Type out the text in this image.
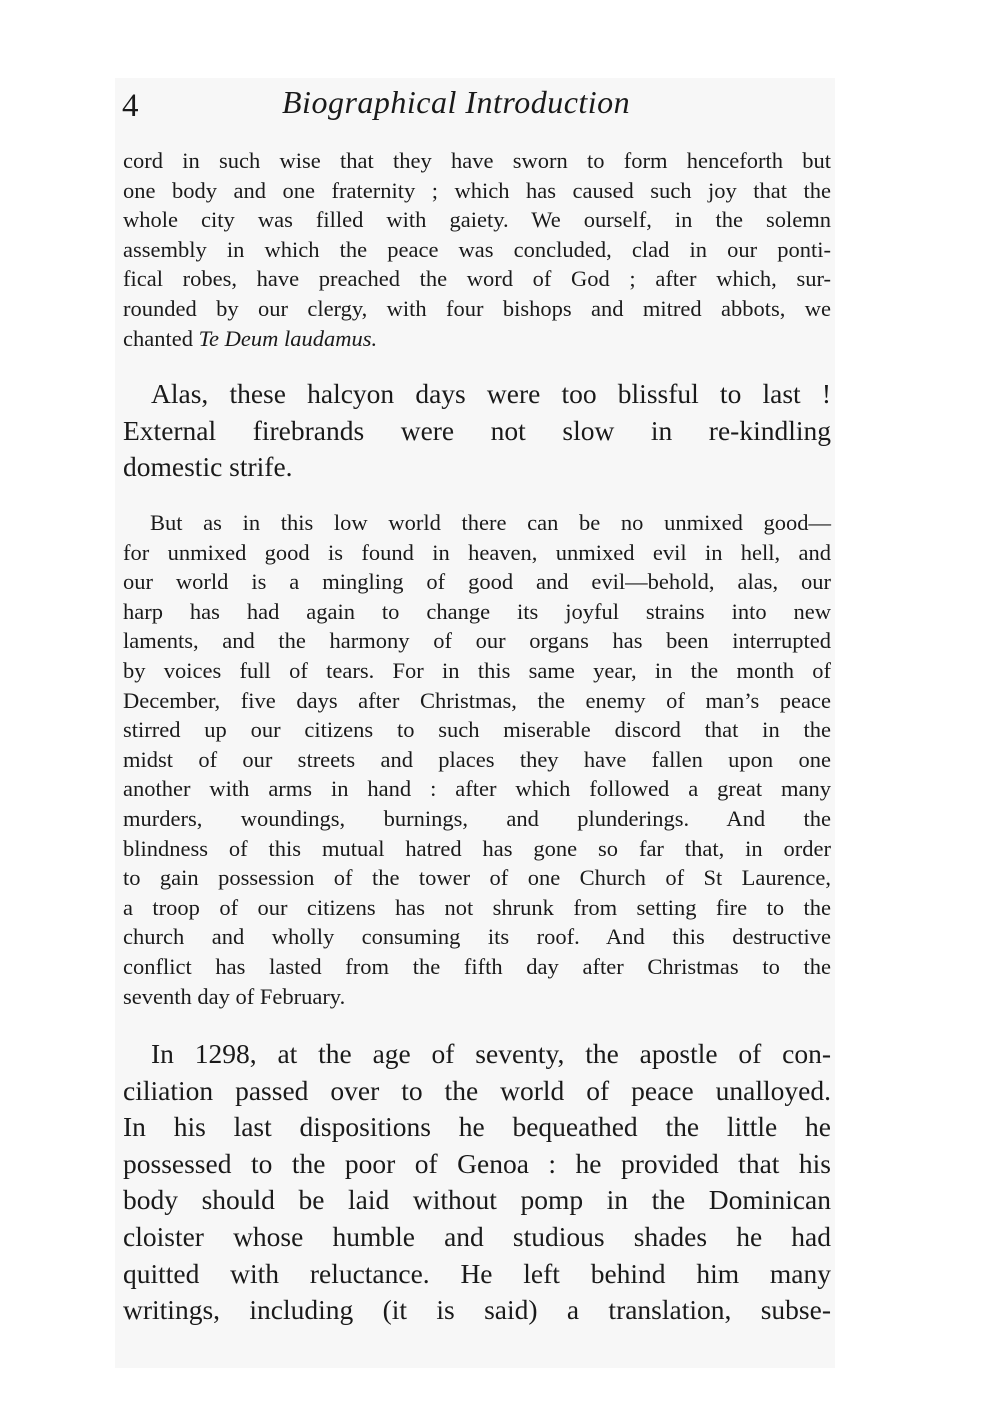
4	Biographical Introduction
cord in such wise that they have sworn to form henceforth but
one body and one fraternity ; which has caused such joy that the
whole city was filled with gaiety. We ourself, in the solemn
assembly in which the peace was concluded, clad in our ponti-
fical robes, have preached the word of God ; after which, sur-
rounded by our clergy, with four bishops and mitred abbots, we
chanted Te Deum laudamus.
Alas, these halcyon days were too blissful to last !
External firebrands were not slow in re-kindling
domestic strife.
But as in this low world there can be no unmixed good—
for unmixed good is found in heaven, unmixed evil in hell, and
our world is a mingling of good and evil—behold, alas, our
harp has had again to change its joyful strains into new
laments, and the harmony of our organs has been interrupted
by voices full of tears. For in this same year, in the month of
December, five days after Christmas, the enemy of man’s peace
stirred up our citizens to such miserable discord that in the
midst of our streets and places they have fallen upon one
another with arms in hand : after which followed a great many
murders, woundings, burnings, and plunderings. And the
blindness of this mutual hatred has gone so far that, in order
to gain possession of the tower of one Church of St Laurence,
a troop of our citizens has not shrunk from setting fire to the
church and wholly consuming its roof. And this destructive
conflict has lasted from the fifth day after Christmas to the
seventh day of February.
In 1298, at the age of seventy, the apostle of con-
ciliation passed over to the world of peace unalloyed.
In his last dispositions he bequeathed the little he
possessed to the poor of Genoa : he provided that his
body should be laid without pomp in the Dominican
cloister whose humble and studious shades he had
quitted with reluctance. He left behind him many
writings, including (it is said) a translation, subse-
